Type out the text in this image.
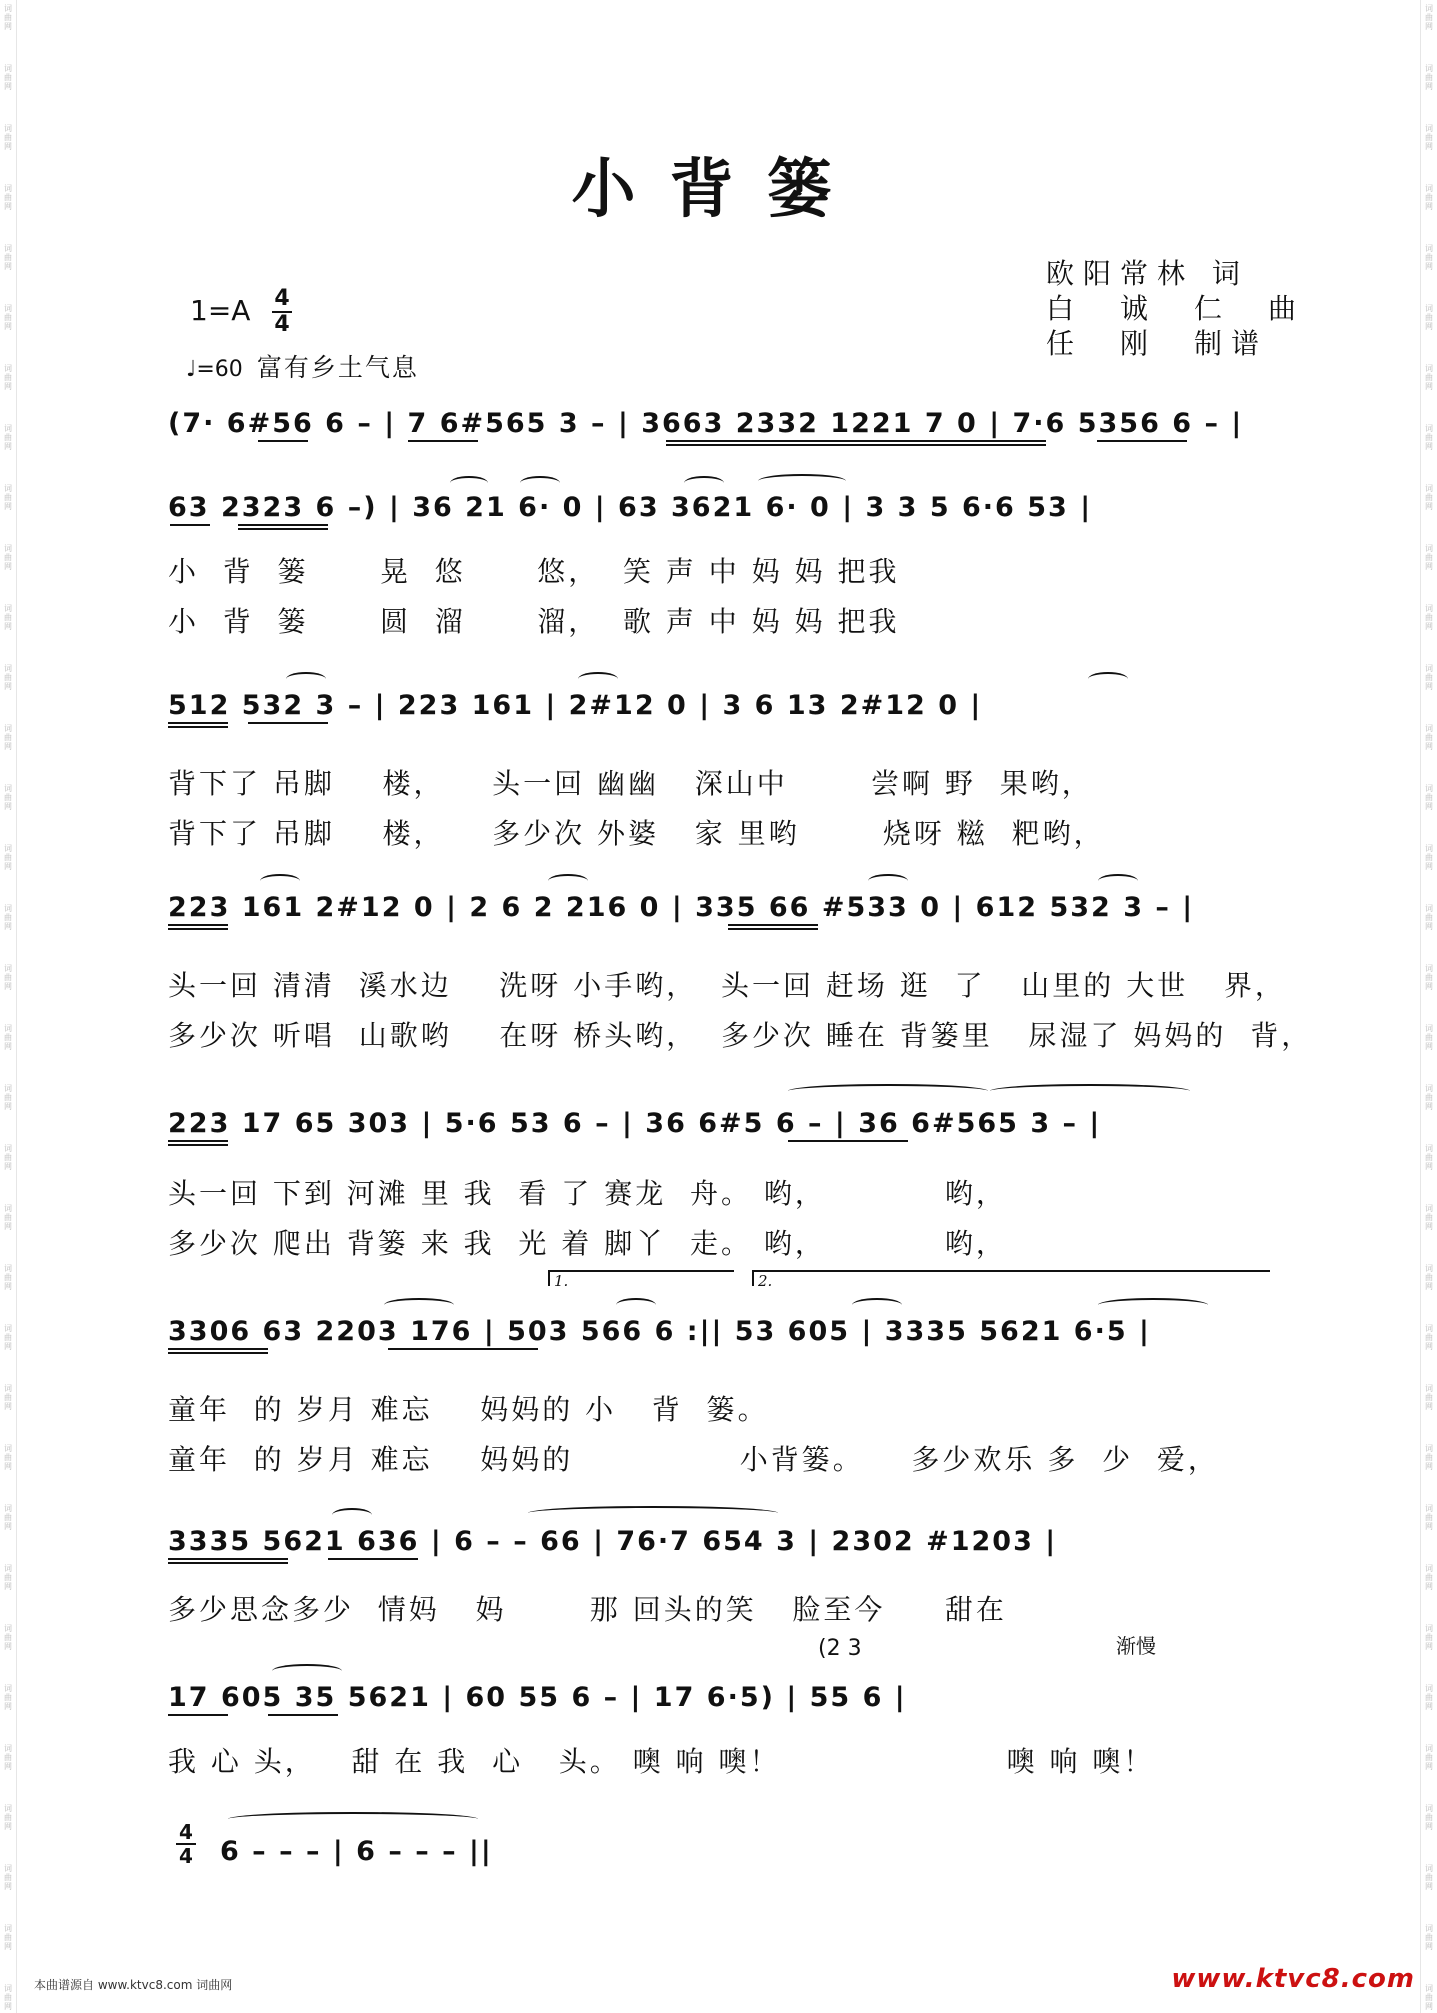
词
曲
网
词
曲
网
词
曲
网
词
曲
网
词
曲
网
词
曲
网
词
曲
网
词
曲
网
词
曲
网
词
曲
网
词
曲
网
词
曲
网
词
曲
网
词
曲
网
词
曲
网
词
曲
网
词
曲
网
词
曲
网
词
曲
网
词
曲
网
词
曲
网
词
曲
网
词
曲
网
词
曲
网
词
曲
网
词
曲
网
词
曲
网
词
曲
网
词
曲
网
词
曲
网
词
曲
网
词
曲
网
词
曲
网
词
曲
网
词
曲
网
词
曲
网
词
曲
网
词
曲
网
词
曲
网
词
曲
网
词
曲
网
词
曲
网
词
曲
网
词
曲
网
词
曲
网
词
曲
网
词
曲
网
词
曲
网
词
曲
网
词
曲
网
词
曲
网
词
曲
网
词
曲
网
词
曲
网
词
曲
网
词
曲
网
词
曲
网
词
曲
网
词
曲
网
词
曲
网
词
曲
网
词
曲
网
词
曲
网
词
曲
网
词
曲
网
词
曲
网
词
曲
网
词
曲
网
小背篓
欧阳常林 词
白　诚　仁　曲
任　刚　制谱
1=A 4
4
♩=60 富有乡土气息
(7· 6#56 6 – | 7 6#565 3 – | 3663 2332 1221 7 0 | 7·6 5356 6 – |
63 2323 6 –) | 36 21 6· 0 | 63 3621 6· 0 | 3 3 5 6·6 53 |
小  背  篓      晃  悠      悠，  笑 声 中 妈 妈 把我
小  背  篓      圆  溜      溜，  歌 声 中 妈 妈 把我
512 532 3 – | 223 161 | 2#12 0 | 3 6 13 2#12 0 |
背下了 吊脚    楼，    头一回 幽幽   深山中       尝啊 野  果哟，
背下了 吊脚    楼，    多少次 外婆   家 里哟       烧呀 糍  粑哟，
223 161 2#12 0 | 2 6 2 216 0 | 335 66 #533 0 | 612 532 3 – |
头一回 清清  溪水边    洗呀 小手哟，  头一回 赶场 逛  了   山里的 大世   界，
多少次 听唱  山歌哟    在呀 桥头哟，  多少次 睡在 背篓里   尿湿了 妈妈的  背，
223 17 65 303 | 5·6 53 6 – | 36 6#5 6 – | 36 6#565 3 – |
头一回 下到 河滩 里 我  看 了 赛龙  舟。 哟，          哟，
多少次 爬出 背篓 来 我  光 着 脚丫  走。 哟，          哟，
1.	2.
3306 63 2203 176 | 503 566 6 :|| 53 605 | 3335 5621 6·5 |
童年  的 岁月 难忘    妈妈的 小   背  篓。
童年  的 岁月 难忘    妈妈的              小背篓。    多少欢乐 多  少  爱，
3335 5621 636 | 6 – – 66 | 76·7 654 3 | 2302 #1203 |
多少思念多少  情妈   妈       那 回头的笑   脸至今     甜在
(2 3	渐慢
17 605 35 5621 | 60 55 6 – | 17 6·5) | 55 6 |
我 心 头，   甜 在 我  心   头。 噢 响 噢！                   噢 响 噢！
4
4 6 – – – | 6 – – – ||
本曲谱源自 www.ktvc8.com 词曲网	www.ktvc8.com
